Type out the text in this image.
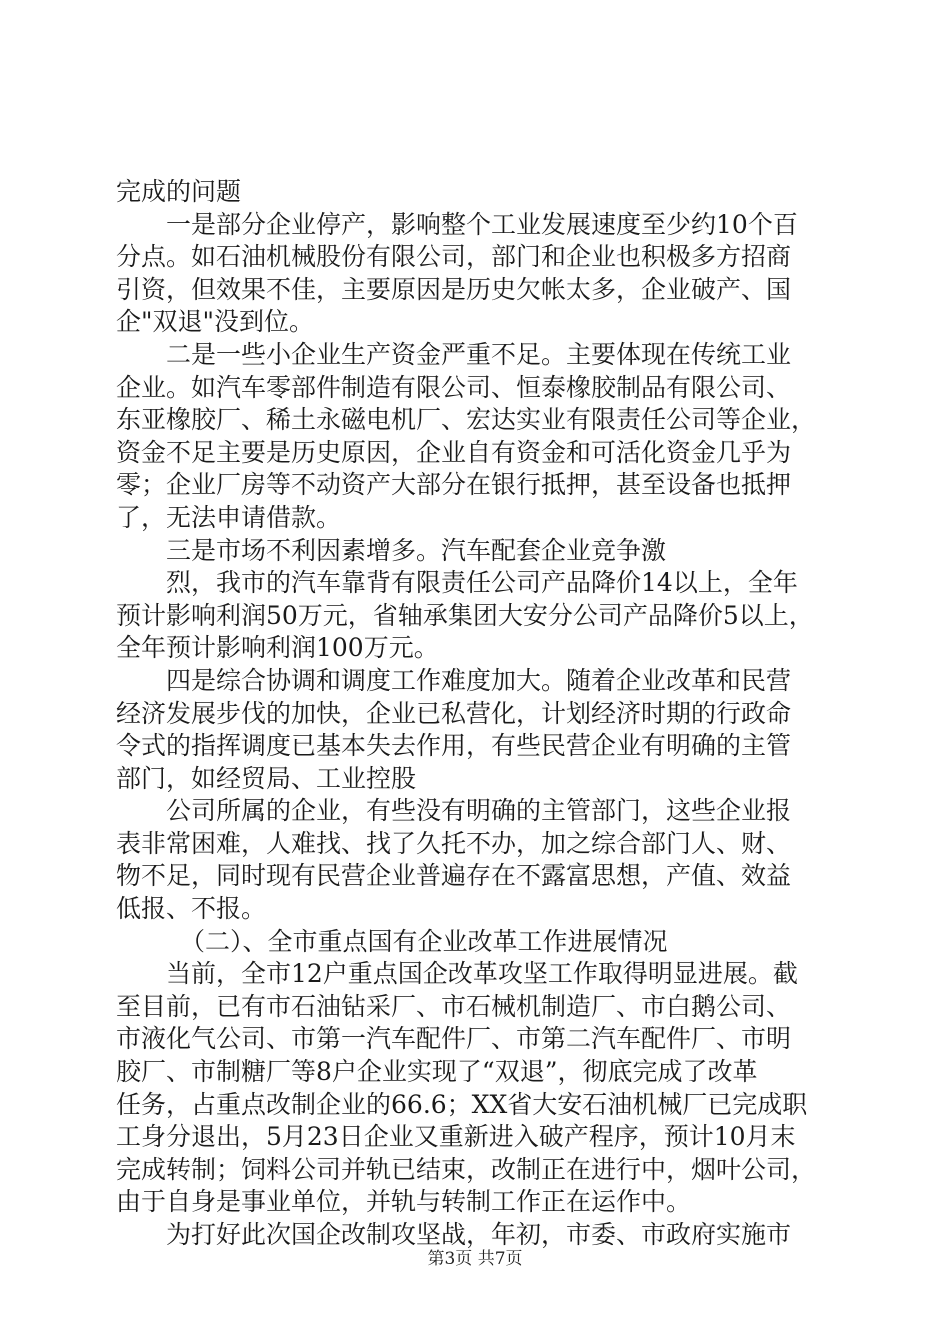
完成的问题
一是部分企业停产，影响整个工业发展速度至少约10个百
分点。如石油机械股份有限公司，部门和企业也积极多方招商
引资，但效果不佳，主要原因是历史欠帐太多，企业破产、国
企"双退"没到位。
二是一些小企业生产资金严重不足。主要体现在传统工业
企业。如汽车零部件制造有限公司、恒泰橡胶制品有限公司、
东亚橡胶厂、稀土永磁电机厂、宏达实业有限责任公司等企业，
资金不足主要是历史原因，企业自有资金和可活化资金几乎为
零；企业厂房等不动资产大部分在银行抵押，甚至设备也抵押
了，无法申请借款。
三是市场不利因素增多。汽车配套企业竞争激
烈，我市的汽车靠背有限责任公司产品降价14以上，全年
预计影响利润50万元，省轴承集团大安分公司产品降价5以上，
全年预计影响利润100万元。
四是综合协调和调度工作难度加大。随着企业改革和民营
经济发展步伐的加快，企业已私营化，计划经济时期的行政命
令式的指挥调度已基本失去作用，有些民营企业有明确的主管
部门，如经贸局、工业控股
公司所属的企业，有些没有明确的主管部门，这些企业报
表非常困难，人难找、找了久托不办，加之综合部门人、财、
物不足，同时现有民营企业普遍存在不露富思想，产值、效益
低报、不报。
（二）、全市重点国有企业改革工作进展情况
当前，全市12户重点国企改革攻坚工作取得明显进展。截
至目前，已有市石油钻采厂、市石械机制造厂、市白鹅公司、
市液化气公司、市第一汽车配件厂、市第二汽车配件厂、市明
胶厂、市制糖厂等8户企业实现了“双退”，彻底完成了改革
任务，占重点改制企业的66.6；XX省大安石油机械厂已完成职
工身分退出，5月23日企业又重新进入破产程序，预计10月末
完成转制；饲料公司并轨已结束，改制正在进行中，烟叶公司，
由于自身是事业单位，并轨与转制工作正在运作中。
为打好此次国企改制攻坚战，年初，市委、市政府实施市
第3页 共7页
